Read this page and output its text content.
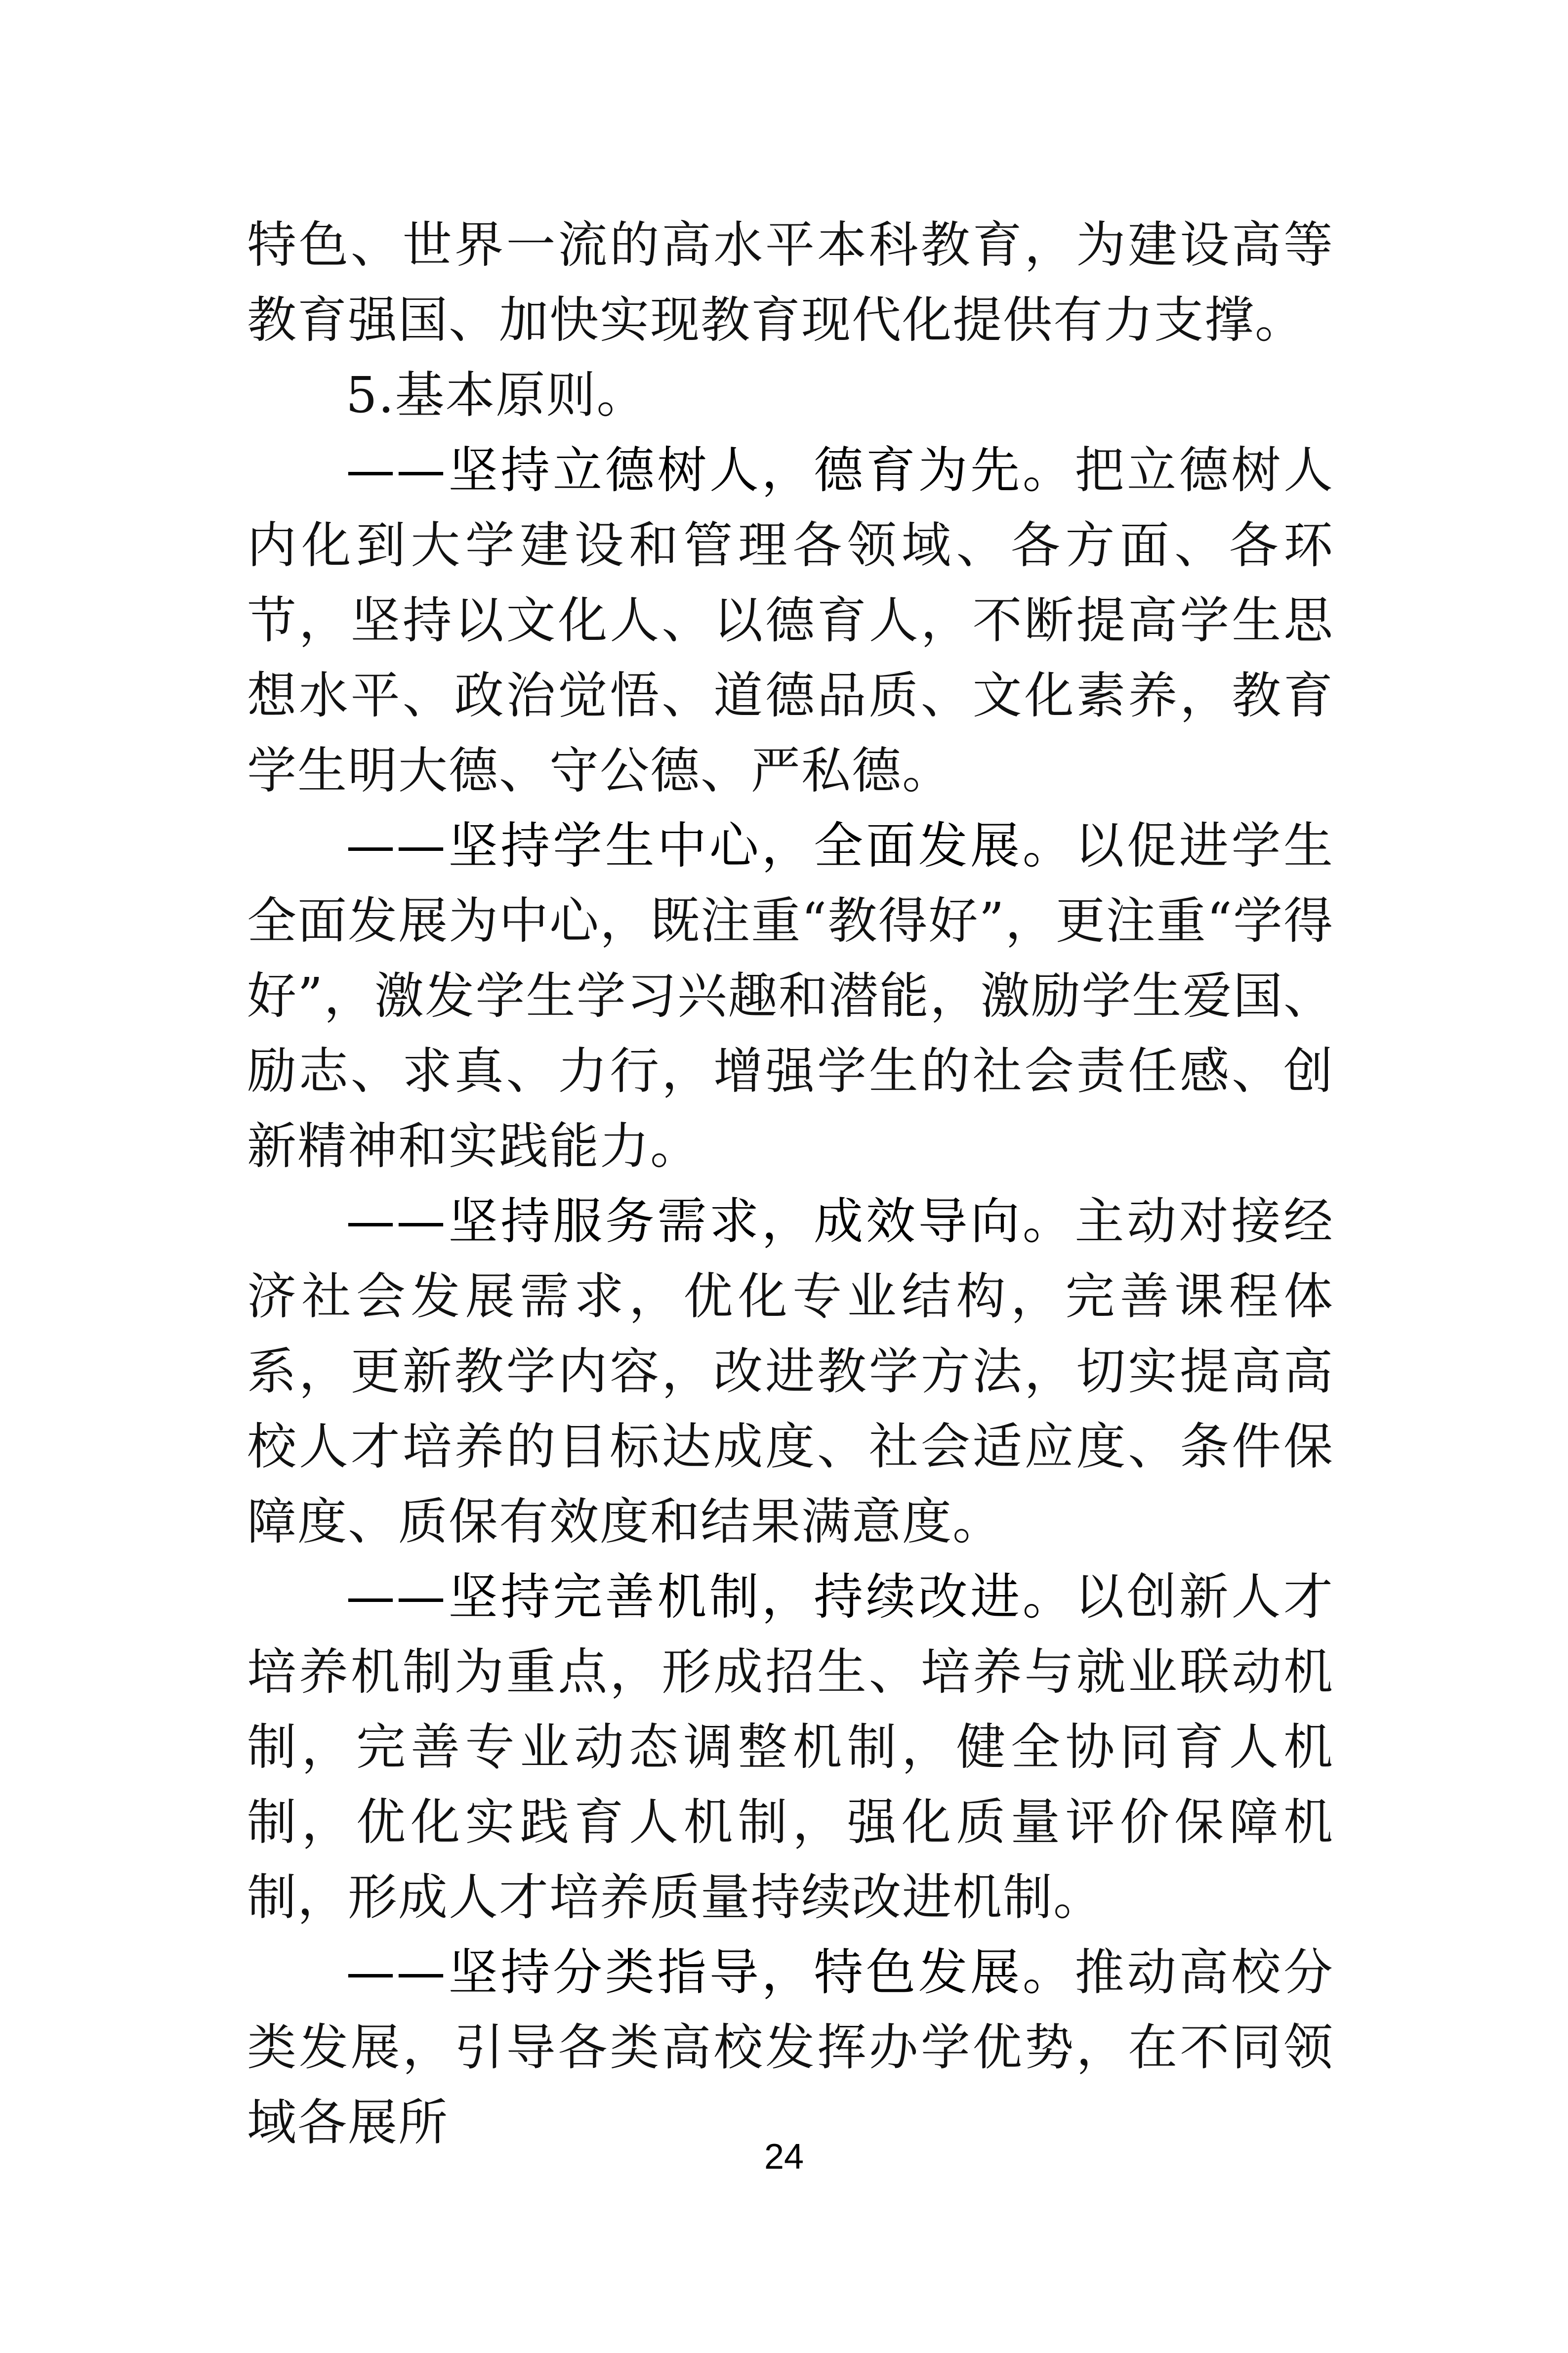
特色、世界一流的高水平本科教育，为建设高等教育强国、加快实现教育现代化提供有力支撑。

5.基本原则。

——坚持立德树人，德育为先。把立德树人内化到大学建设和管理各领域、各方面、各环节，坚持以文化人、以德育人，不断提高学生思想水平、政治觉悟、道德品质、文化素养，教育学生明大德、守公德、严私德。

——坚持学生中心，全面发展。以促进学生全面发展为中心，既注重“教得好”，更注重“学得好”，激发学生学习兴趣和潜能，激励学生爱国、励志、求真、力行，增强学生的社会责任感、创新精神和实践能力。

——坚持服务需求，成效导向。主动对接经济社会发展需求，优化专业结构，完善课程体系，更新教学内容，改进教学方法，切实提高高校人才培养的目标达成度、社会适应度、条件保障度、质保有效度和结果满意度。

——坚持完善机制，持续改进。以创新人才培养机制为重点，形成招生、培养与就业联动机制，完善专业动态调整机制，健全协同育人机制，优化实践育人机制，强化质量评价保障机制，形成人才培养质量持续改进机制。

——坚持分类指导，特色发展。推动高校分类发展，引导各类高校发挥办学优势，在不同领域各展所

24
